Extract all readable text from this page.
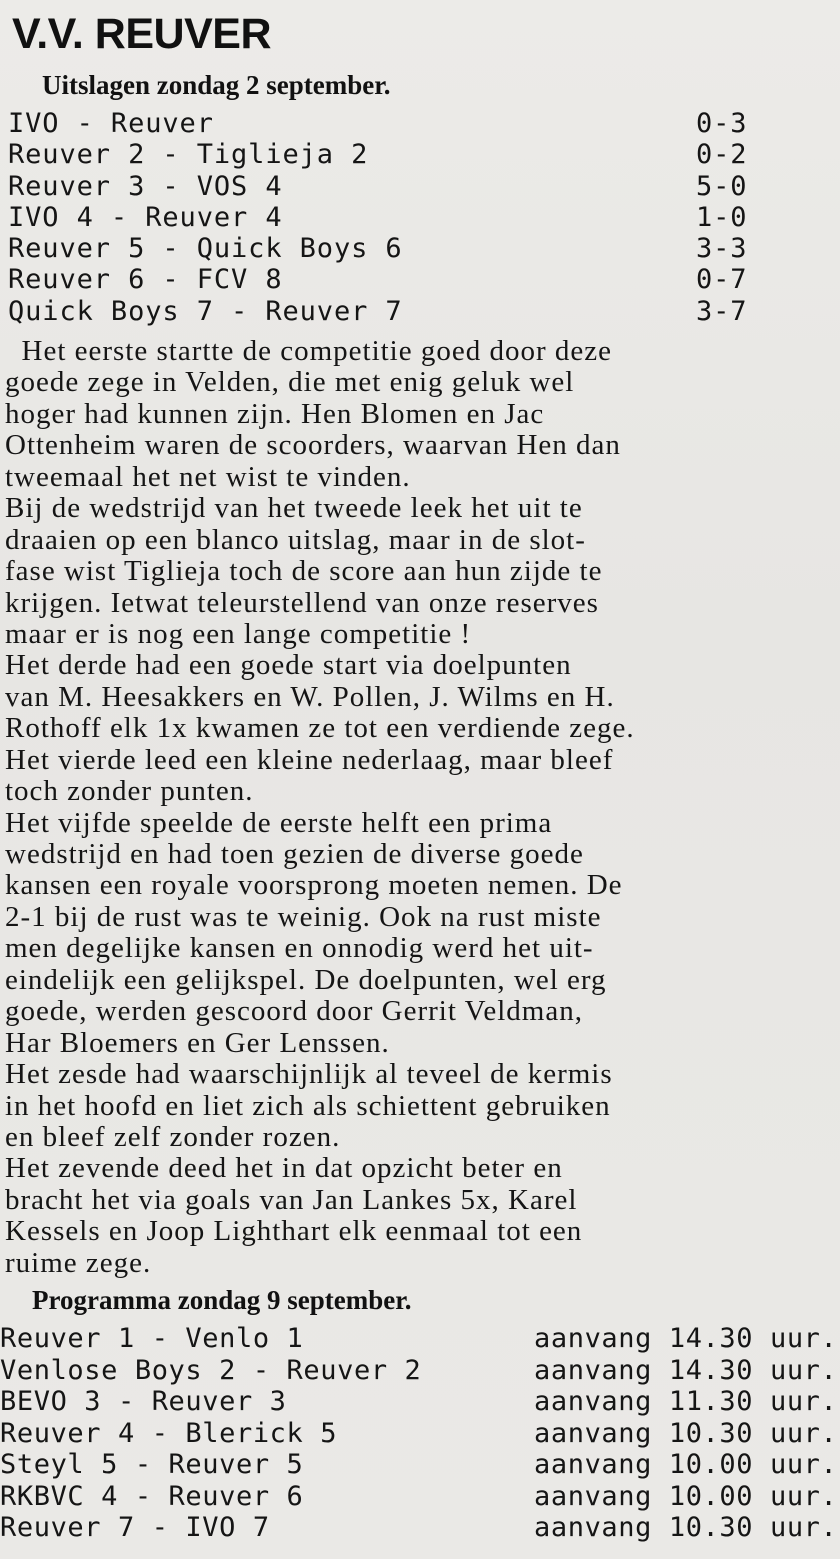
V.V. REUVER
Uitslagen zondag 2 september.
IVO - Reuver	0-3
Reuver 2 - Tiglieja 2	0-2
Reuver 3 - VOS 4	5-0
IVO 4 - Reuver 4	1-0
Reuver 5 - Quick Boys 6	3-3
Reuver 6 - FCV 8	0-7
Quick Boys 7 - Reuver 7	3-7
Het eerste startte de competitie goed door deze
goede zege in Velden, die met enig geluk wel
hoger had kunnen zijn. Hen Blomen en Jac
Ottenheim waren de scoorders, waarvan Hen dan
tweemaal het net wist te vinden.
Bij de wedstrijd van het tweede leek het uit te
draaien op een blanco uitslag, maar in de slot-
fase wist Tiglieja toch de score aan hun zijde te
krijgen. Ietwat teleurstellend van onze reserves
maar er is nog een lange competitie !
Het derde had een goede start via doelpunten
van M. Heesakkers en W. Pollen, J. Wilms en H.
Rothoff elk 1x kwamen ze tot een verdiende zege.
Het vierde leed een kleine nederlaag, maar bleef
toch zonder punten.
Het vijfde speelde de eerste helft een prima
wedstrijd en had toen gezien de diverse goede
kansen een royale voorsprong moeten nemen. De
2-1 bij de rust was te weinig. Ook na rust miste
men degelijke kansen en onnodig werd het uit-
eindelijk een gelijkspel. De doelpunten, wel erg
goede, werden gescoord door Gerrit Veldman,
Har Bloemers en Ger Lenssen.
Het zesde had waarschijnlijk al teveel de kermis
in het hoofd en liet zich als schiettent gebruiken
en bleef zelf zonder rozen.
Het zevende deed het in dat opzicht beter en
bracht het via goals van Jan Lankes 5x, Karel
Kessels en Joop Lighthart elk eenmaal tot een
ruime zege.
Programma zondag 9 september.
Reuver 1 - Venlo 1	aanvang 14.30 uur.
Venlose Boys 2 - Reuver 2	aanvang 14.30 uur.
BEVO 3 - Reuver 3	aanvang 11.30 uur.
Reuver 4 - Blerick 5	aanvang 10.30 uur.
Steyl 5 - Reuver 5	aanvang 10.00 uur.
RKBVC 4 - Reuver 6	aanvang 10.00 uur.
Reuver 7 - IVO 7	aanvang 10.30 uur.
